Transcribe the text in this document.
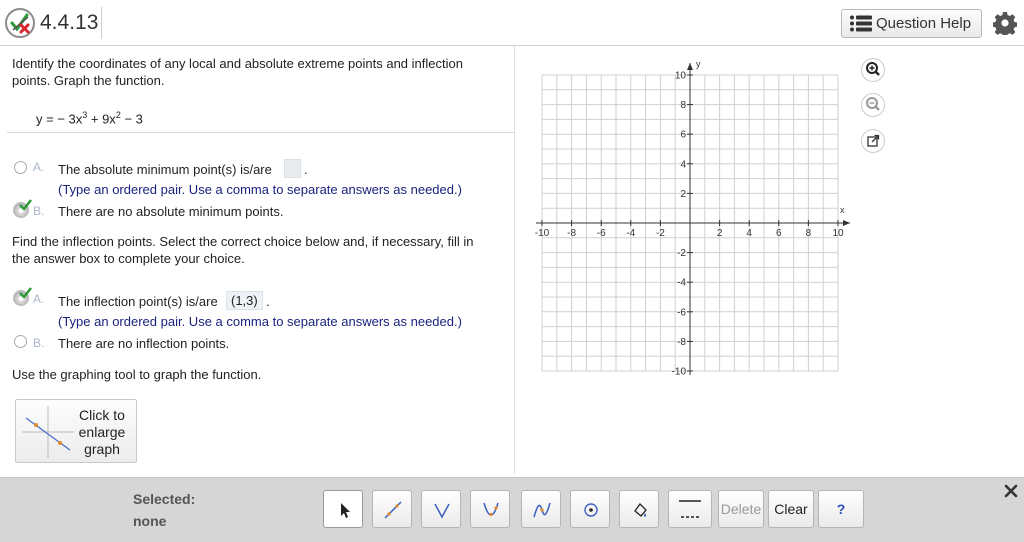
4.4.13	Question Help
Identify the coordinates of any local and absolute extreme points and inflection
points. Graph the function.
y = − $3x^3 + 9x^2 - 3$
A. The absolute minimum point(s) is/are .
(Type an ordered pair. Use a comma to separate answers as needed.)
B. There are no absolute minimum points.
Find the inflection points. Select the correct choice below and, if necessary, fill in
the answer box to complete your choice.
A. The inflection point(s) is/are	(1,3) .
(Type an ordered pair. Use a comma to separate answers as needed.)
B. There are no inflection points.
Use the graphing tool to graph the function.
Click to
enlarge
graph
x
y
-10 -8 -6 -4 -2	2 4 6 8 10
10
8
6
4
2
-2
-4
-6
-8
-10
Selected:
none
Delete Clear	?
